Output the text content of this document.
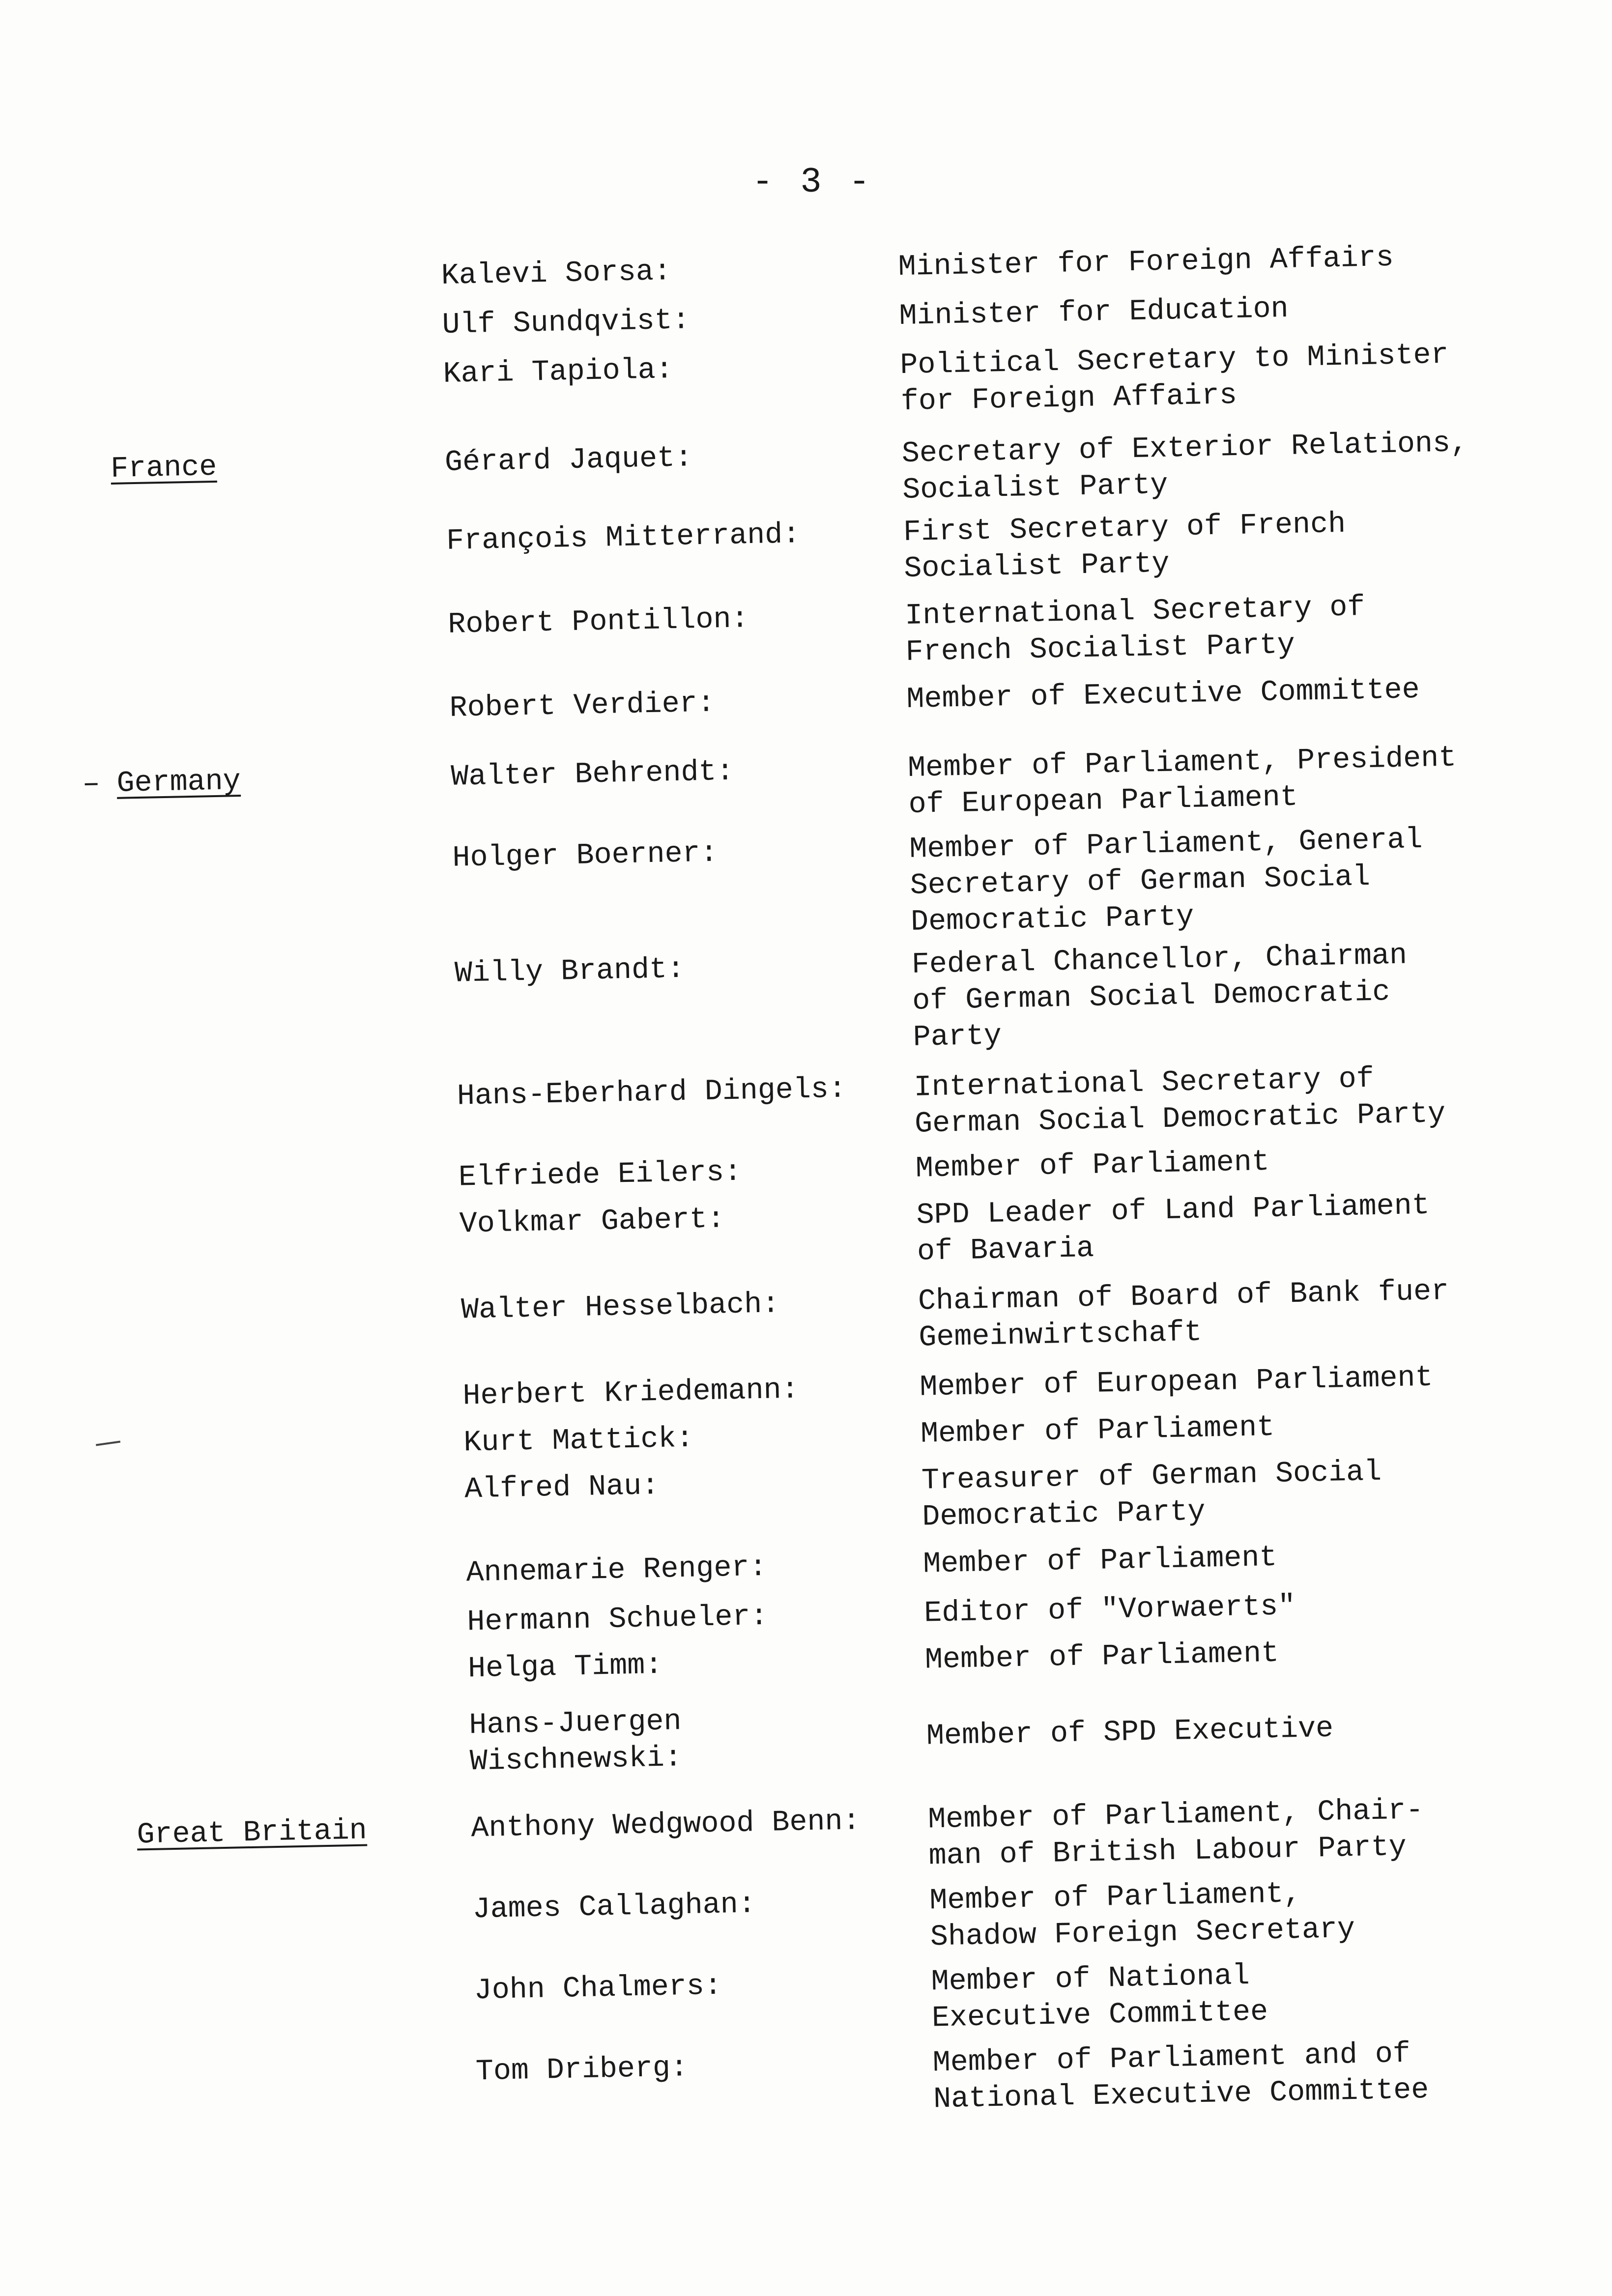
- 3 -
Kalevi Sorsa:	Minister for Foreign Affairs
Ulf Sundqvist:	Minister for Education
Kari Tapiola:	Political Secretary to Minister
for Foreign Affairs
France	Gérard Jaquet:	Secretary of Exterior Relations,
Socialist Party
François Mitterrand:	First Secretary of French
Socialist Party
Robert Pontillon:	International Secretary of
French Socialist Party
Robert Verdier:	Member of Executive Committee
– Germany	Walter Behrendt:	Member of Parliament, President
of European Parliament
Holger Boerner:	Member of Parliament, General
Secretary of German Social
Democratic Party
Willy Brandt:	Federal Chancellor, Chairman
of German Social Democratic
Party
Hans-Eberhard Dingels:	International Secretary of
German Social Democratic Party
Elfriede Eilers:	Member of Parliament
Volkmar Gabert:	SPD Leader of Land Parliament
of Bavaria
Walter Hesselbach:	Chairman of Board of Bank fuer
Gemeinwirtschaft
Herbert Kriedemann:	Member of European Parliament
Kurt Mattick:	Member of Parliament
Alfred Nau:	Treasurer of German Social
Democratic Party
Annemarie Renger:	Member of Parliament
Hermann Schueler:	Editor of "Vorwaerts"
Helga Timm:	Member of Parliament
Hans-Juergen
Wischnewski:
Member of SPD Executive
Great Britain	Anthony Wedgwood Benn:	Member of Parliament, Chair-
man of British Labour Party
James Callaghan:	Member of Parliament,
Shadow Foreign Secretary
John Chalmers:	Member of National
Executive Committee
Tom Driberg:	Member of Parliament and of
National Executive Committee
